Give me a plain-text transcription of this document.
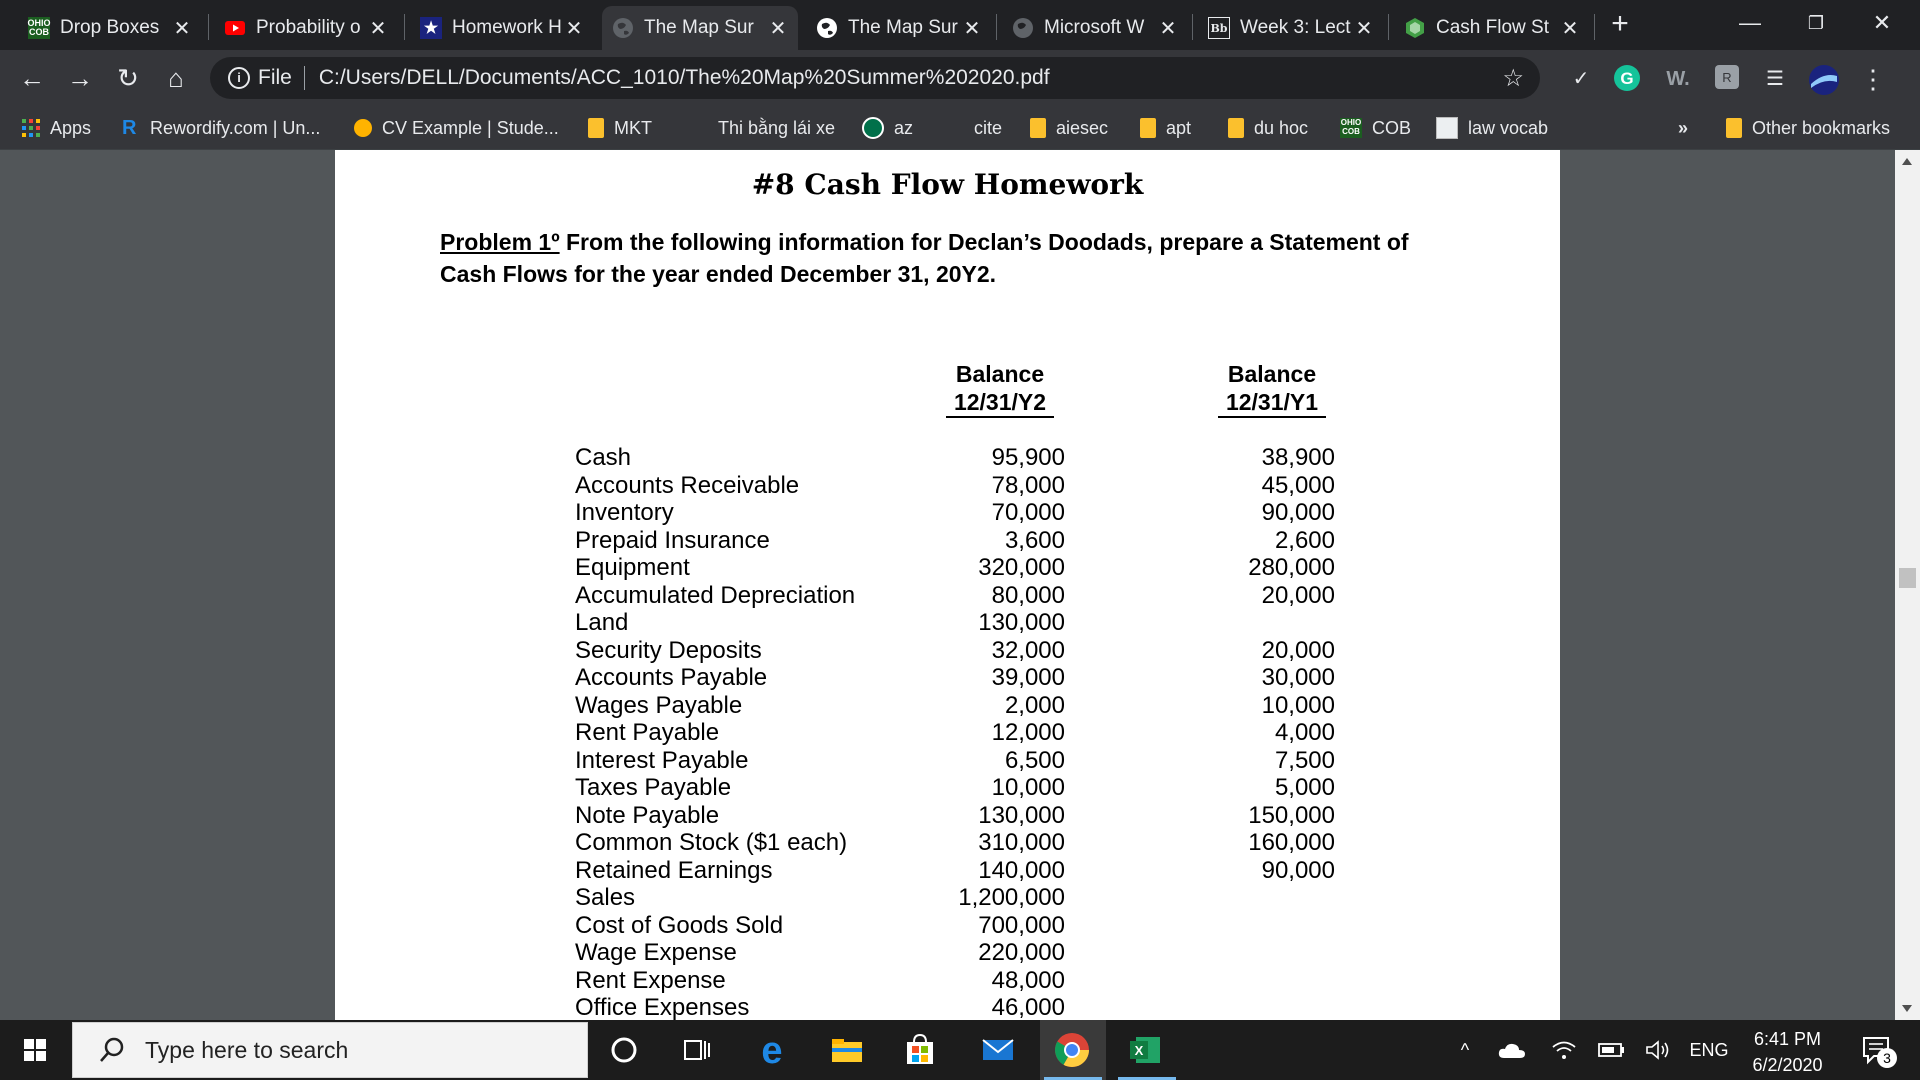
OHIO
COB Drop Boxes ✕	Probability o ✕ ★ Homework H ✕	The Map Sur ✕	The Map Sur ✕	Microsoft W ✕	Bb Week 3: Lect ✕	Cash Flow St ✕ +	—	❐	✕
← → ↻	⌂	i File C:/Users/DELL/Documents/ACC_1010/The%20Map%20Summer%202020.pdf	☆	✓	G	W.	R	☰	⋮
Apps R Rewordify.com | Un...	CV Example | Stude...	MKT	Thi bằng lái xe	az	cite	aiesec	apt	du hoc	OHIO
COB COB	law vocab	»	Other bookmarks
#8 Cash Flow Homework
Problem 1º From the following information for Declan’s Doodads, prepare a Statement of Cash Flows for the year ended December 31, 20Y2.
Balance
12/31/Y2
Balance
12/31/Y1
Cash	95,900	38,900
Accounts Receivable	78,000	45,000
Inventory	70,000	90,000
Prepaid Insurance	3,600	2,600
Equipment	320,000	280,000
Accumulated Depreciation	80,000	20,000
Land	130,000
Security Deposits	32,000	20,000
Accounts Payable	39,000	30,000
Wages Payable	2,000	10,000
Rent Payable	12,000	4,000
Interest Payable	6,500	7,500
Taxes Payable	10,000	5,000
Note Payable	130,000	150,000
Common Stock ($1 each)	310,000	160,000
Retained Earnings	140,000	90,000
Sales	1,200,000
Cost of Goods Sold	700,000
Wage Expense	220,000
Rent Expense	48,000
Office Expenses	46,000
Type here to search	e	X	^	ENG
6:41 PM
6/2/2020	3
